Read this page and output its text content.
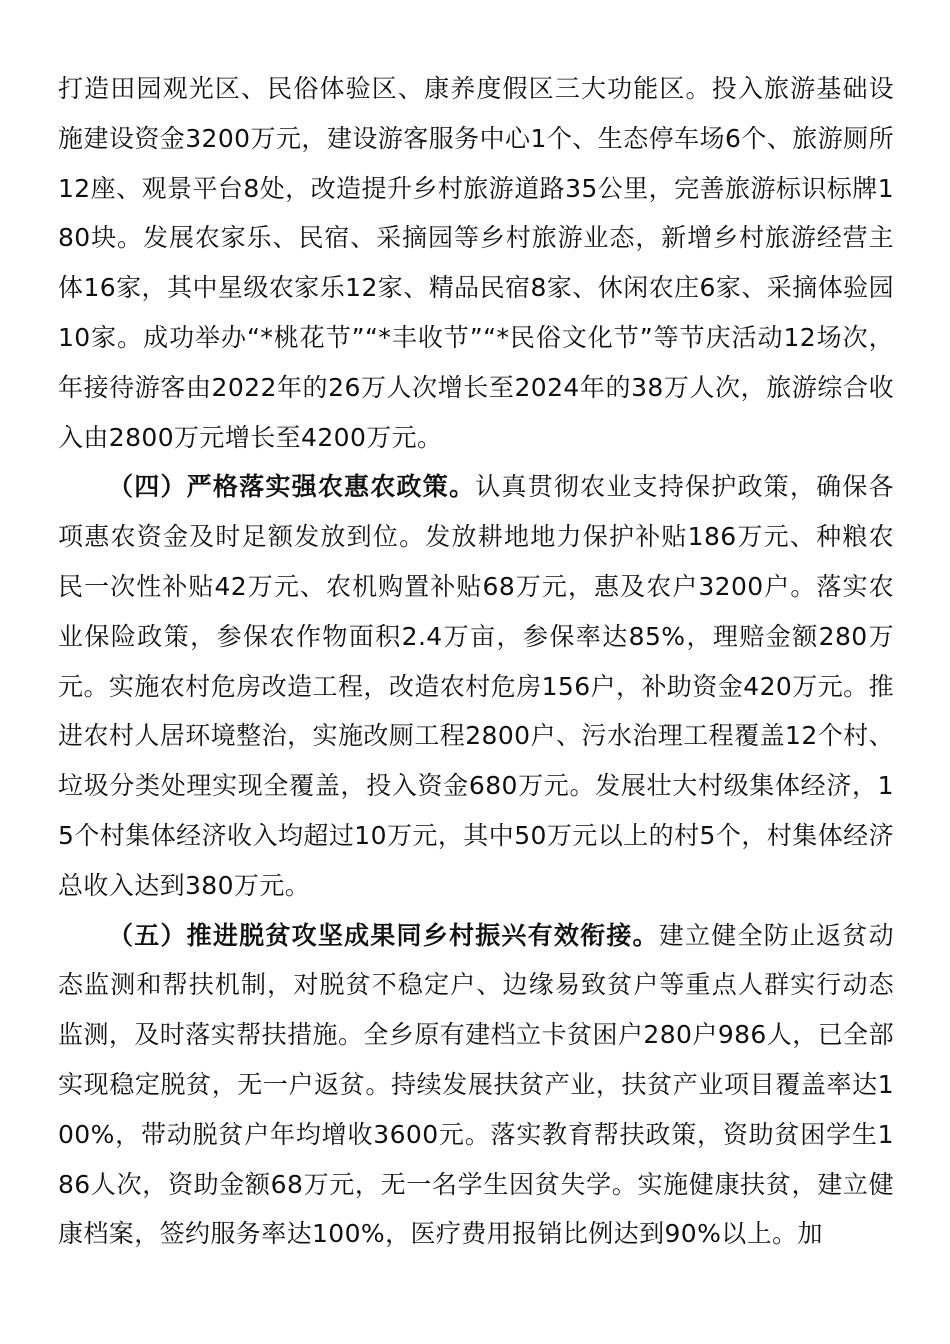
打造田园观光区、民俗体验区、康养度假区三大功能区。投入旅游基础设施建设资金3200万元，建设游客服务中心1个、生态停车场6个、旅游厕所12座、观景平台8处，改造提升乡村旅游道路35公里，完善旅游标识标牌180块。发展农家乐、民宿、采摘园等乡村旅游业态，新增乡村旅游经营主体16家，其中星级农家乐12家、精品民宿8家、休闲农庄6家、采摘体验园10家。成功举办“*桃花节”“*丰收节”“*民俗文化节”等节庆活动12场次，年接待游客由2022年的26万人次增长至2024年的38万人次，旅游综合收入由2800万元增长至4200万元。

（四）严格落实强农惠农政策。认真贯彻农业支持保护政策，确保各项惠农资金及时足额发放到位。发放耕地地力保护补贴186万元、种粮农民一次性补贴42万元、农机购置补贴68万元，惠及农户3200户。落实农业保险政策，参保农作物面积2.4万亩，参保率达85%，理赔金额280万元。实施农村危房改造工程，改造农村危房156户，补助资金420万元。推进农村人居环境整治，实施改厕工程2800户、污水治理工程覆盖12个村、垃圾分类处理实现全覆盖，投入资金680万元。发展壮大村级集体经济，15个村集体经济收入均超过10万元，其中50万元以上的村5个，村集体经济总收入达到380万元。

（五）推进脱贫攻坚成果同乡村振兴有效衔接。建立健全防止返贫动态监测和帮扶机制，对脱贫不稳定户、边缘易致贫户等重点人群实行动态监测，及时落实帮扶措施。全乡原有建档立卡贫困户280户986人，已全部实现稳定脱贫，无一户返贫。持续发展扶贫产业，扶贫产业项目覆盖率达100%，带动脱贫户年均增收3600元。落实教育帮扶政策，资助贫困学生186人次，资助金额68万元，无一名学生因贫失学。实施健康扶贫，建立健康档案，签约服务率达100%，医疗费用报销比例达到90%以上。加
